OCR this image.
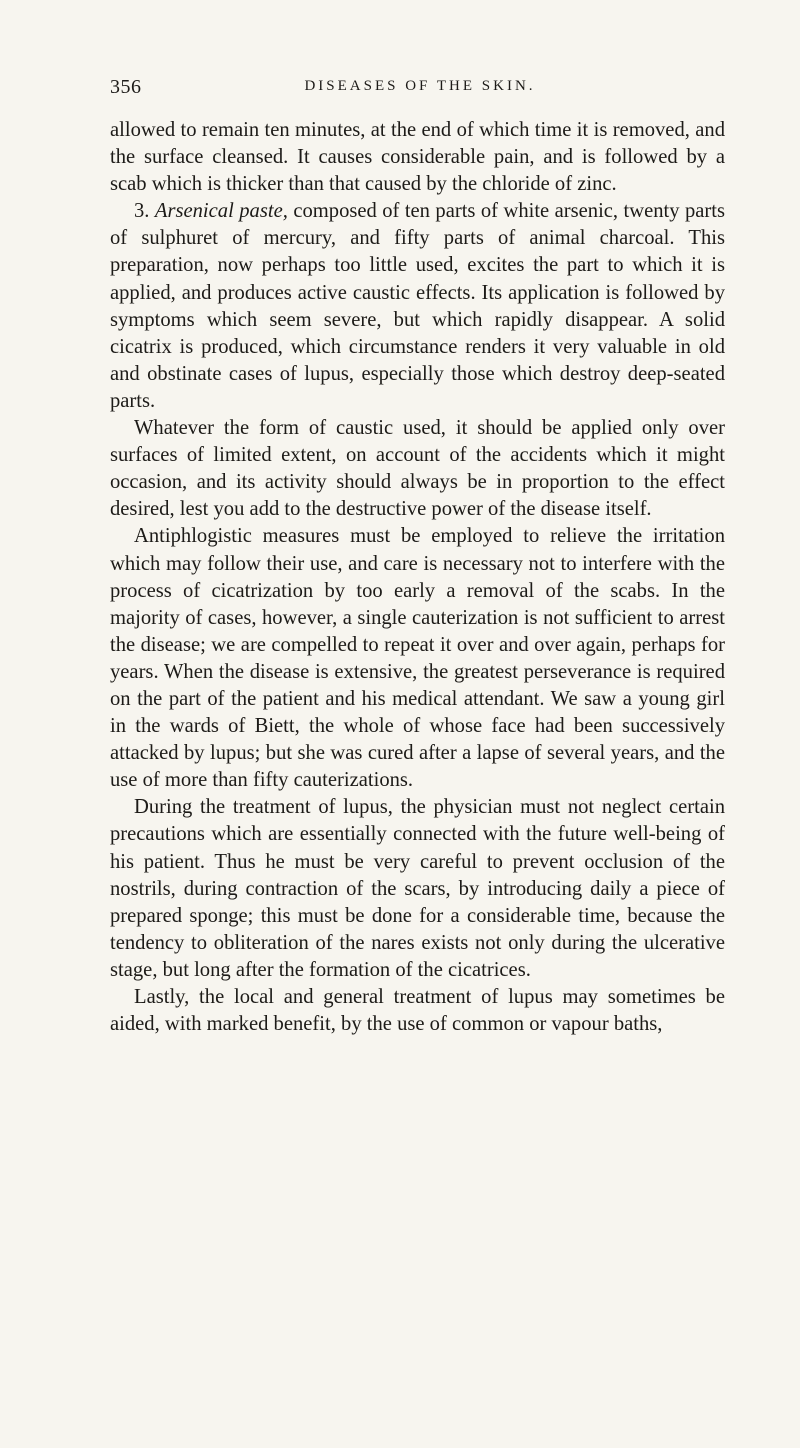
356	DISEASES OF THE SKIN.

allowed to remain ten minutes, at the end of which time it is removed, and the surface cleansed. It causes considerable pain, and is followed by a scab which is thicker than that caused by the chloride of zinc.

3. Arsenical paste, composed of ten parts of white arsenic, twenty parts of sulphuret of mercury, and fifty parts of animal charcoal. This preparation, now perhaps too little used, excites the part to which it is applied, and produces active caustic effects. Its application is followed by symptoms which seem severe, but which rapidly disappear. A solid cicatrix is produced, which circumstance renders it very valuable in old and obstinate cases of lupus, especially those which destroy deep-seated parts.

Whatever the form of caustic used, it should be applied only over surfaces of limited extent, on account of the accidents which it might occasion, and its activity should always be in proportion to the effect desired, lest you add to the destructive power of the disease itself.

Antiphlogistic measures must be employed to relieve the irritation which may follow their use, and care is necessary not to interfere with the process of cicatrization by too early a removal of the scabs. In the majority of cases, however, a single cauterization is not sufficient to arrest the disease; we are compelled to repeat it over and over again, perhaps for years. When the disease is extensive, the greatest perseverance is required on the part of the patient and his medical attendant. We saw a young girl in the wards of Biett, the whole of whose face had been successively attacked by lupus; but she was cured after a lapse of several years, and the use of more than fifty cauterizations.

During the treatment of lupus, the physician must not neglect certain precautions which are essentially connected with the future well-being of his patient. Thus he must be very careful to prevent occlusion of the nostrils, during contraction of the scars, by introducing daily a piece of prepared sponge; this must be done for a considerable time, because the tendency to obliteration of the nares exists not only during the ulcerative stage, but long after the formation of the cicatrices.

Lastly, the local and general treatment of lupus may sometimes be aided, with marked benefit, by the use of common or vapour baths,
